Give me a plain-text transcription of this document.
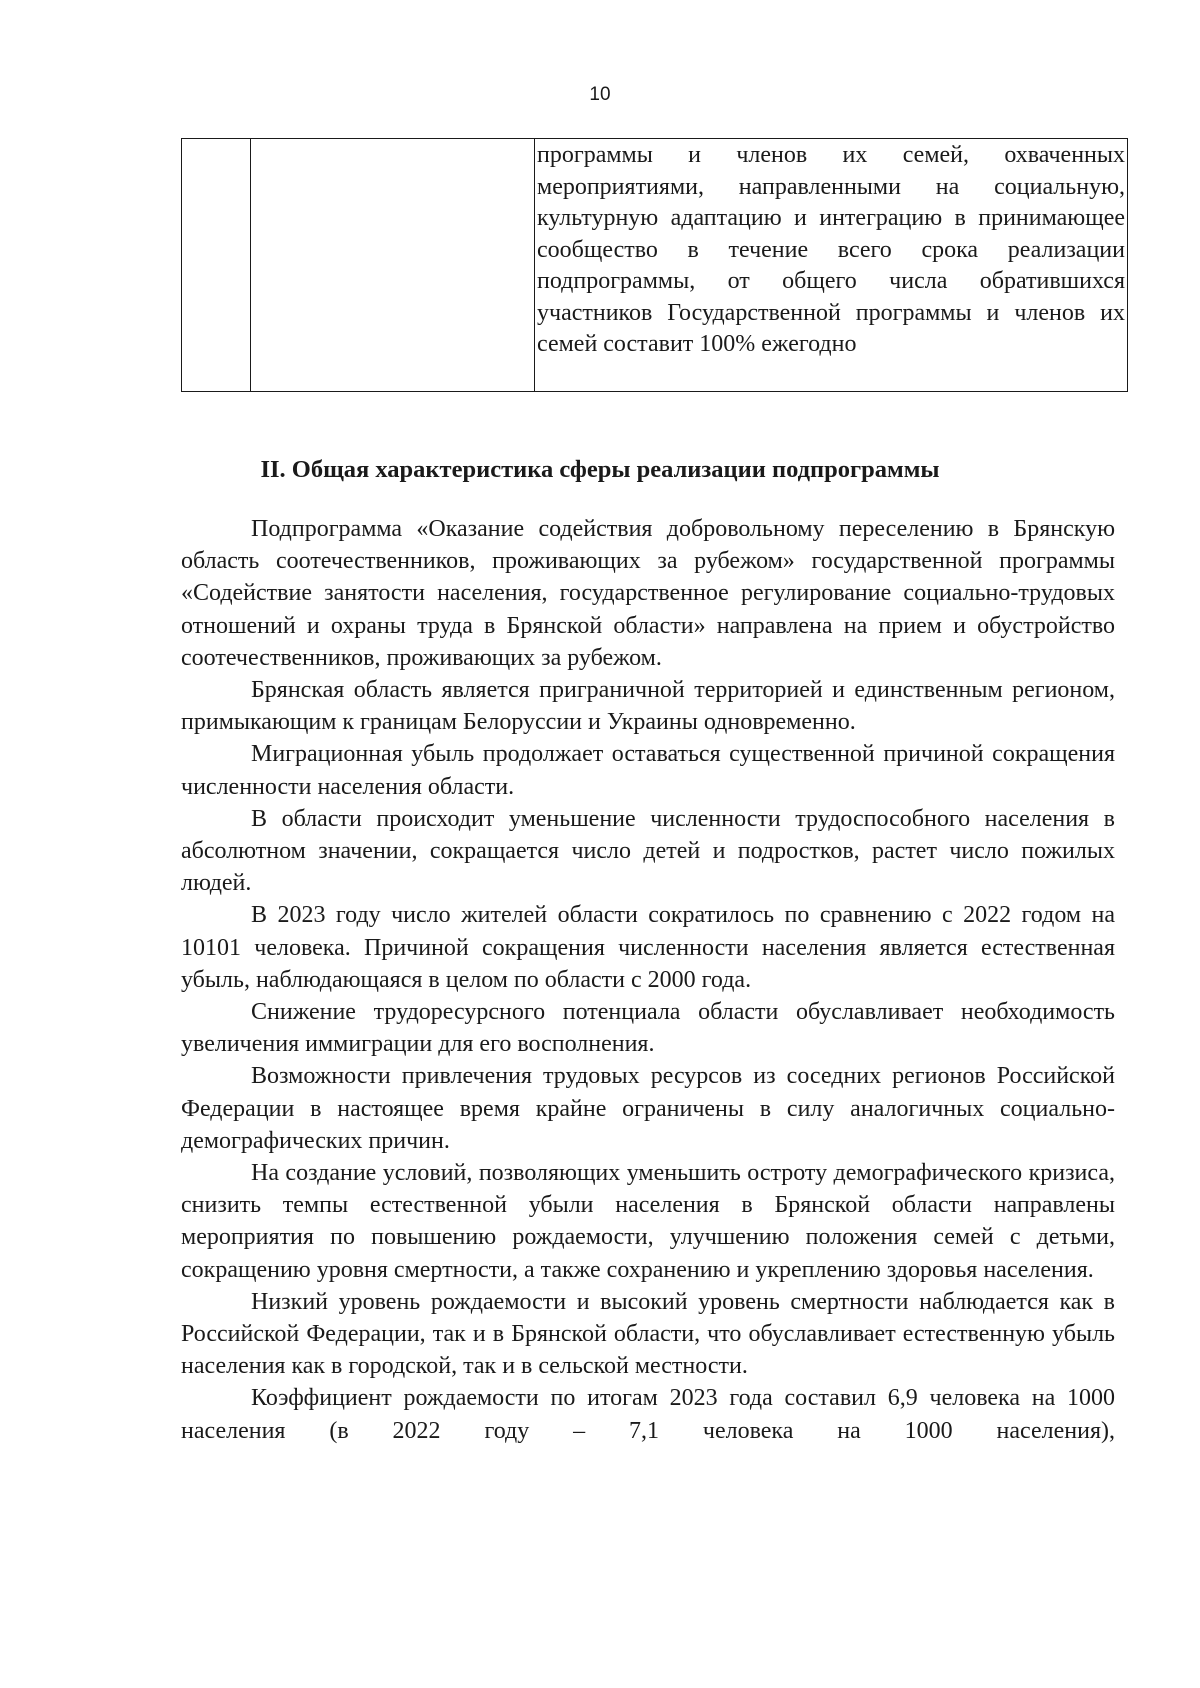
10

программы и членов их семей, охваченных мероприятиями, направленными на социальную, культурную адаптацию и интеграцию в принимающее сообщество в течение всего срока реализации подпрограммы, от общего числа обратившихся участников Государственной программы и членов их семей составит 100% ежегодно
II. Общая характеристика сферы реализации подпрограммы

Подпрограмма «Оказание содействия добровольному переселению в Брянскую область соотечественников, проживающих за рубежом» государственной программы «Содействие занятости населения, государственное регулирование социально-трудовых отношений и охраны труда в Брянской области» направлена на прием и обустройство соотечественников, проживающих за рубежом.

Брянская область является приграничной территорией и единственным регионом, примыкающим к границам Белоруссии и Украины одновременно.

Миграционная убыль продолжает оставаться существенной причиной сокращения численности населения области.

В области происходит уменьшение численности трудоспособного населения в абсолютном значении, сокращается число детей и подростков, растет число пожилых людей.

В 2023 году число жителей области сократилось по сравнению с 2022 годом на 10101 человека. Причиной сокращения численности населения является естественная убыль, наблюдающаяся в целом по области с 2000 года.

Снижение трудоресурсного потенциала области обуславливает необходимость увеличения иммиграции для его восполнения.

Возможности привлечения трудовых ресурсов из соседних регионов Российской Федерации в настоящее время крайне ограничены в силу аналогичных социально-демографических причин.

На создание условий, позволяющих уменьшить остроту демографического кризиса, снизить темпы естественной убыли населения в Брянской области направлены мероприятия по повышению рождаемости, улучшению положения семей с детьми, сокращению уровня смертности, а также сохранению и укреплению здоровья населения.

Низкий уровень рождаемости и высокий уровень смертности наблюдается как в Российской Федерации, так и в Брянской области, что обуславливает естественную убыль населения как в городской, так и в сельской местности.

Коэффициент рождаемости по итогам 2023 года составил 6,9 человека на 1000 населения (в 2022 году – 7,1 человека на 1000 населения),
